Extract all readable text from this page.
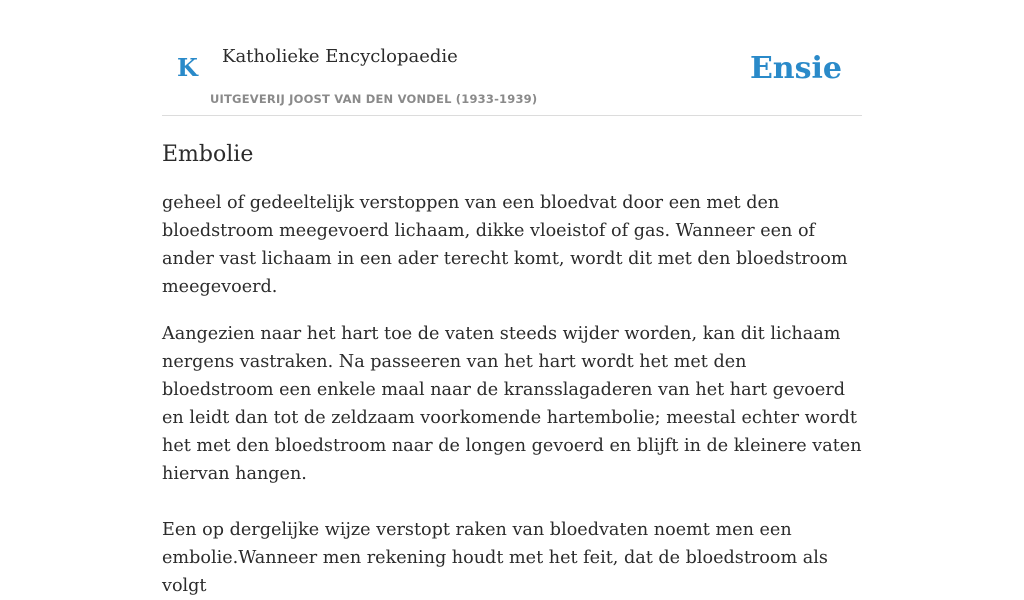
K Katholieke Encyclopaedie
UITGEVERIJ JOOST VAN DEN VONDEL (1933-1939)
Ensie
Embolie

geheel of gedeeltelijk verstoppen van een bloedvat door een met den bloedstroom meegevoerd lichaam, dikke vloeistof of gas. Wanneer een of ander vast lichaam in een ader terecht komt, wordt dit met den bloedstroom meegevoerd.

Aangezien naar het hart toe de vaten steeds wijder worden, kan dit lichaam nergens vastraken. Na passeeren van het hart wordt het met den bloedstroom een enkele maal naar de kransslagaderen van het hart gevoerd en leidt dan tot de zeldzaam voorkomende hartembolie; meestal echter wordt het met den bloedstroom naar de longen gevoerd en blijft in de kleinere vaten hiervan hangen.

Een op dergelijke wijze verstopt raken van bloedvaten noemt men een embolie.Wanneer men rekening houdt met het feit, dat de bloedstroom als volgt
